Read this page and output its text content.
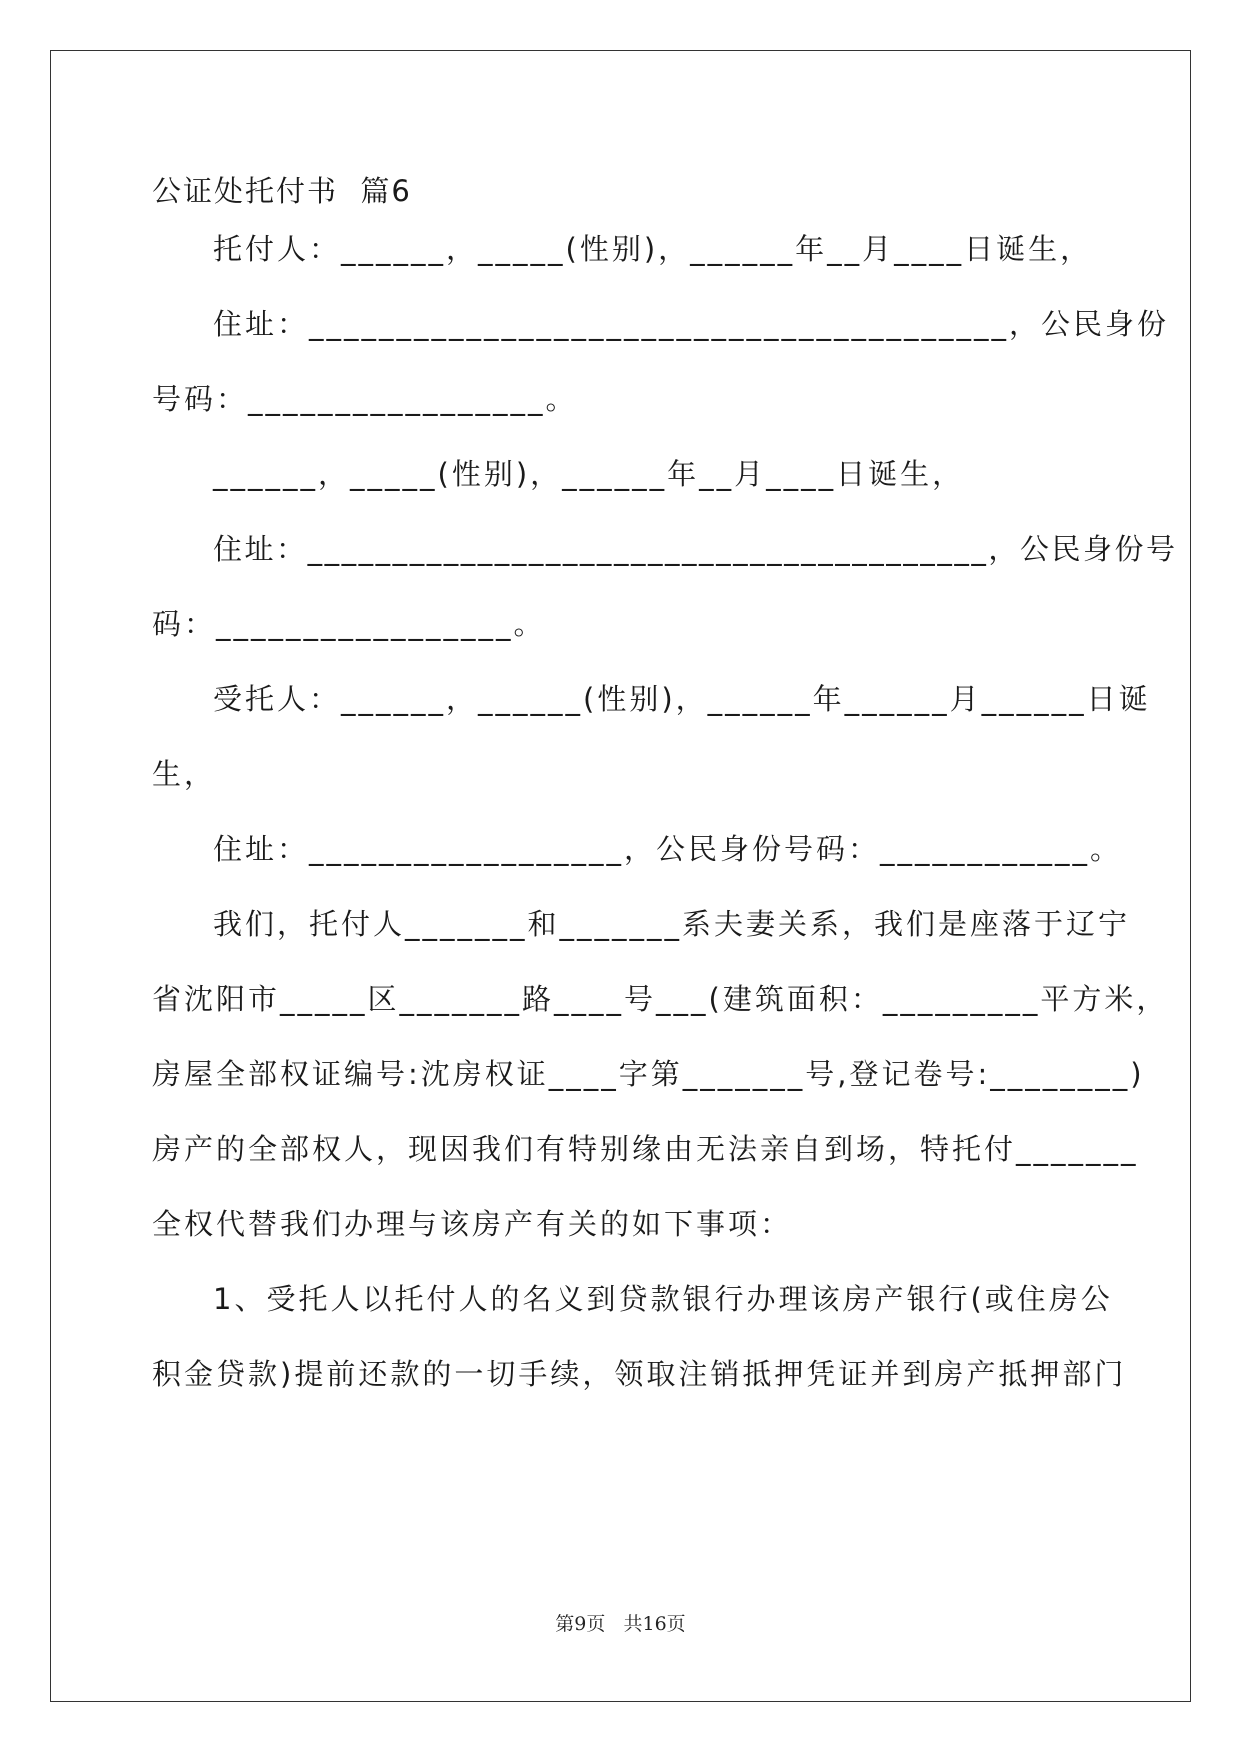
公证处托付书  篇6
托付人：______，_____(性别)，______年__月____日诞生，
住址：________________________________________，公民身份
号码：_________________。
______，_____(性别)，______年__月____日诞生，
住址：________________________________________，公民身份号
码：_________________。
受托人：______，______(性别)，______年______月______日诞
生，
住址：__________________，公民身份号码：____________。
我们，托付人_______和_______系夫妻关系，我们是座落于辽宁
省沈阳市_____区_______路____号___(建筑面积：_________平方米，
房屋全部权证编号:沈房权证____字第_______号,登记卷号:________)
房产的全部权人，现因我们有特别缘由无法亲自到场，特托付_______
全权代替我们办理与该房产有关的如下事项：
1、受托人以托付人的名义到贷款银行办理该房产银行(或住房公
积金贷款)提前还款的一切手续，领取注销抵押凭证并到房产抵押部门
第9页   共16页
